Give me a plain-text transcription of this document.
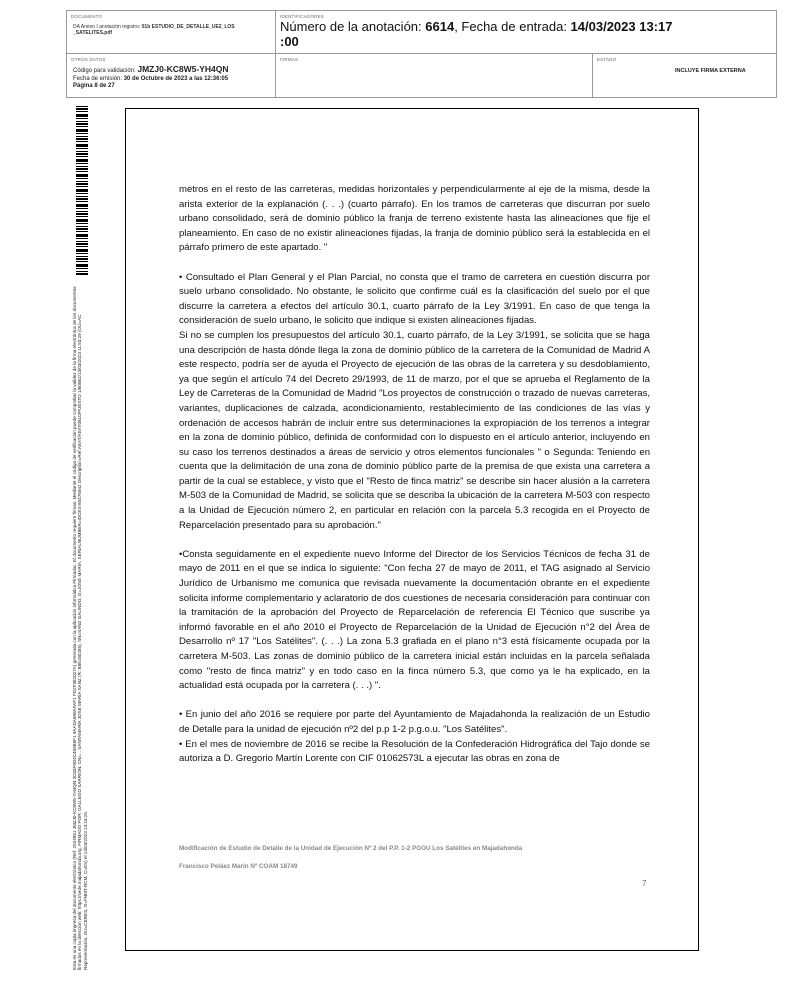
DOCUMENTO
DA Anexo I anotación registro: 01b ESTUDIO_DE_DETALLE_UE2_LOS _SATELITES.pdf
IDENTIFICADORES
Número de la anotación: 6614, Fecha de entrada: 14/03/2023 13:17
:00
OTROS DATOS
Código para validación: JMZJ0-KC8W5-YH4QN
Fecha de emisión: 30 de Octubre de 2023 a las 12:36:05
Página 8 de 27
FIRMAS	ESTADO
INCLUYE FIRMA EXTERNA
Esta es una copia impresa del documento electrónico (Ref: 2524951 JMZJ0-KC8W5-YH4QN 3C83F9D4C489B5F1 9AADA898AFAF1 FD2F382027A) generada con la aplicación informática Firmadoc. El documento requiere firmas. Mediante el código de verificación puede comprobar la validez de la firma electrónica de los documentos firmados en la dirección web: https://sede.majadahonda.org. FIRMADO POR: GALLEGO SARRIÓN, CN=... SANTAMARÍA JOSÉ MARÍA SANZ (R: B85180285), SN=SANZ GALINDO, G=JOSÉ MARÍA, SERIALNUMBER=IDCES-50476942 Description=Ref:AEAT/AEAT0810/PUESTO 1/60862/13/03/2023 11:53:29 (OU=AC Representación, OU=CERES, O=FNMT-RCM, C=ES) el 14/03/2023 13:16:25.

metros en el resto de las carreteras, medidas horizontales y perpendicularmente al eje de la misma, desde la arista exterior de la explanación (. . .) (cuarto párrafo). En los tramos de carreteras que discurran por suelo urbano consolidado, será de dominio público la franja de terreno existente hasta las alineaciones que fije el planeamiento. En caso de no existir alineaciones fijadas, la franja de dominio público será la establecida en el párrafo primero de este apartado. "

• Consultado el Plan General y el Plan Parcial, no consta que el tramo de carretera en cuestión discurra por suelo urbano consolidado. No obstante, le solicito que confirme cuál es la clasificación del suelo por el que discurre la carretera a efectos del artículo 30.1, cuarto párrafo de la Ley 3/1991. En caso de que tenga la consideración de suelo urbano, le solicito que indique si existen alineaciones fijadas.

Si no se cumplen los presupuestos del artículo 30.1, cuarto párrafo, de la Ley 3/1991, se solicita que se haga una descripción de hasta dónde llega la zona de dominio público de la carretera de la Comunidad de Madrid A este respecto, podría ser de ayuda el Proyecto de ejecución de las obras de la carretera y su desdoblamiento, ya que según el artículo 74 del Decreto 29/1993, de 11 de marzo, por el que se aprueba el Reglamento de la Ley de Carreteras de la Comunidad de Madrid "Los proyectos de construcción o trazado de nuevas carreteras, variantes, duplicaciones de calzada, acondicionamiento, restablecimiento de las condiciones de las vías y ordenación de accesos habrán de incluir entre sus determinaciones la expropiación de los terrenos a integrar en la zona de dominio público, definida de conformidad con lo dispuesto en el artículo anterior, incluyendo en su caso los terrenos destinados a áreas de servicio y otros elementos funcionales " o Segunda: Teniendo en cuenta que la delimitación de una zona de dominio público parte de la premisa de que exista una carretera a partir de la cual se establece, y visto que el "Resto de finca matriz" se describe sin hacer alusión a la carretera M-503 de la Comunidad de Madrid, se solicita que se describa la ubicación de la carretera M-503 con respecto a la Unidad de Ejecución número 2, en particular en relación con la parcela 5.3 recogida en el Proyecto de Reparcelación presentado para su aprobación."

•Consta seguidamente en el expediente nuevo Informe del Director de los Servicios Técnicos de fecha 31 de mayo de 2011 en el que se indica lo siguiente: "Con fecha 27 de mayo de 2011, el TAG asignado al Servicio Jurídico de Urbanismo me comunica que revisada nuevamente la documentación obrante en el expediente solicita informe complementario y aclaratorio de dos cuestiones de necesaria consideración para continuar con la tramitación de la aprobación del Proyecto de Reparcelación de referencia El Técnico que suscribe ya informó favorable en el año 2010 el Proyecto de Reparcelación de la Unidad de Ejecución n°2 del Área de Desarrollo nº 17 "Los Satélites". (. . .) La zona 5.3 grafiada en el plano n°3 está físicamente ocupada por la carretera M-503. Las zonas de dominio público de la carretera inicial están incluidas en la parcela señalada como "resto de finca matriz" y en todo caso en la finca número 5.3, que como ya le ha explicado, en la actualidad está ocupada por la carretera (. . .) ".

• En junio del año 2016 se requiere por parte del Ayuntamiento de Majadahonda la realización de un Estudio de Detalle para la unidad de ejecución nº2 del p.p 1-2 p.g.o.u. "Los Satélites".

• En el mes de noviembre de 2016 se recibe la Resolución de la Confederación Hidrográfica del Tajo donde se autoriza a D. Gregorio Martín Lorente con CIF 01062573L a ejecutar las obras en zona de

Modificación de Estudio de Detalle de la Unidad de Ejecución Nº 2 del P.P. 1-2 PGOU Los Satélites en Majadahonda
Francisco Peláez Marín Nº COAM 18749
7
